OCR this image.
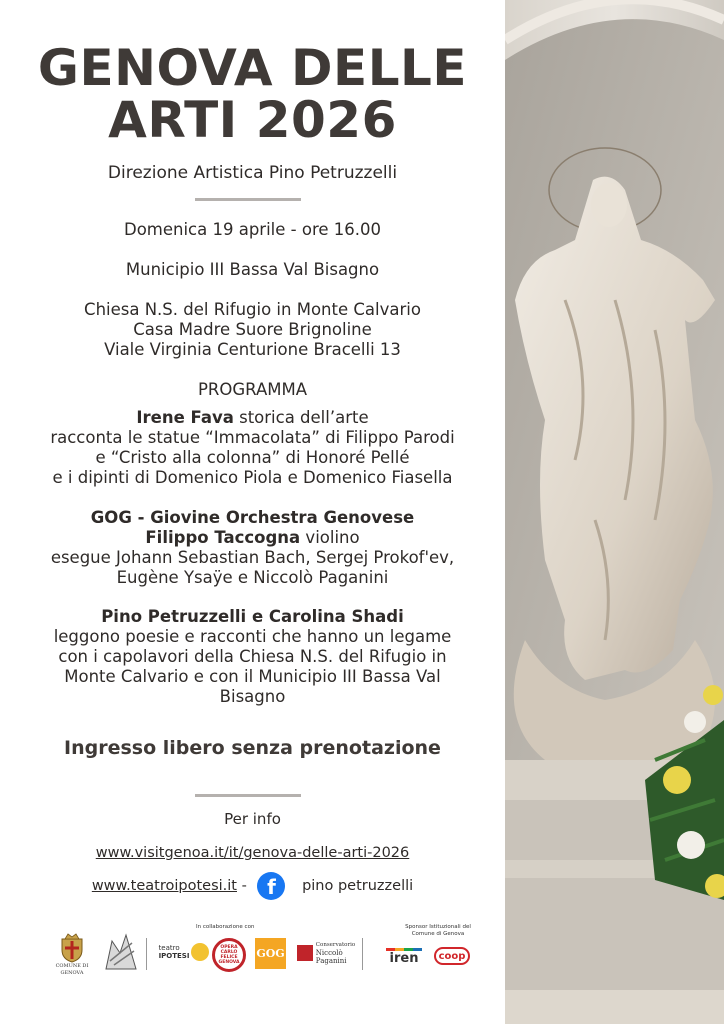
GENOVA DELLE
ARTI 2026
Direzione Artistica Pino Petruzzelli
Domenica 19 aprile - ore 16.00
Municipio III Bassa Val Bisagno
Chiesa N.S. del Rifugio in Monte Calvario
Casa Madre Suore Brignoline
Viale Virginia Centurione Bracelli 13
PROGRAMMA
Irene Fava storica dell’arte
racconta le statue “Immacolata” di Filippo Parodi
e “Cristo alla colonna” di Honoré Pellé
e i dipinti di Domenico Piola e Domenico Fiasella
GOG - Giovine Orchestra Genovese
Filippo Taccogna violino
esegue Johann Sebastian Bach, Sergej Prokof'ev,
Eugène Ysaÿe e Niccolò Paganini
Pino Petruzzelli e Carolina Shadi
leggono poesie e racconti che hanno un legame
con i capolavori della Chiesa N.S. del Rifugio in
Monte Calvario e con il Municipio III Bassa Val
Bisagno
Ingresso libero senza prenotazione
Per info
www.visitgenoa.it/it/genova-delle-arti-2026
www.teatroipotesi.it - f pino petruzzelli
COMUNE DI GENOVA
In collaborazione con
teatro
IPOTESI
OPERA CARLO FELICE GENOVA
GOG
Conservatorio
Niccolò
Paganini
Sponsor Istituzionali del
Comune di Genova
iren coop
